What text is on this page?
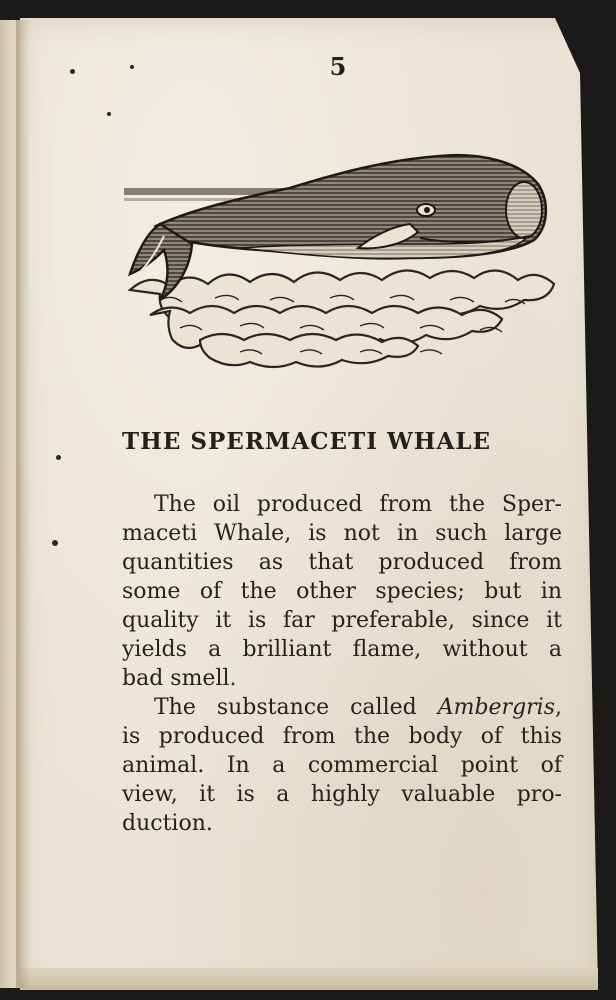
5
THE SPERMACETI WHALE

The oil produced from the Sper-
maceti Whale, is not in such large
quantities as that produced from
some of the other species; but in
quality it is far preferable, since it
yields a brilliant flame, without a
bad smell.

The substance called Ambergris,
is produced from the body of this
animal. In a commercial point of
view, it is a highly valuable pro-
duction.
